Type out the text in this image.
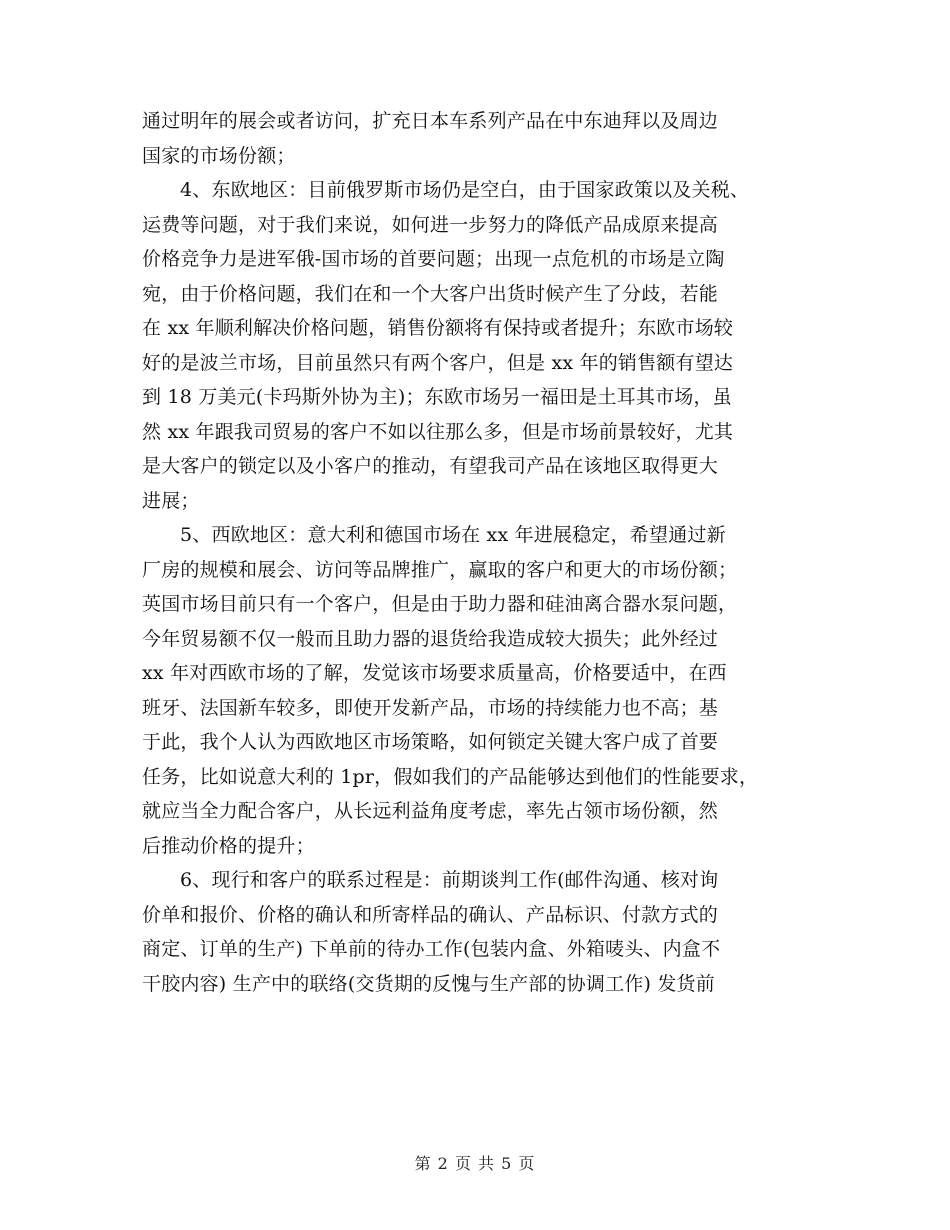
通过明年的展会或者访问，扩充日本车系列产品在中东迪拜以及周边
国家的市场份额；
4、东欧地区：目前俄罗斯市场仍是空白，由于国家政策以及关税、
运费等问题，对于我们来说，如何进一步努力的降低产品成原来提高
价格竞争力是进军俄-国市场的首要问题；出现一点危机的市场是立陶
宛，由于价格问题，我们在和一个大客户出货时候产生了分歧，若能
在 xx 年顺利解决价格问题，销售份额将有保持或者提升；东欧市场较
好的是波兰市场，目前虽然只有两个客户，但是 xx 年的销售额有望达
到 18 万美元(卡玛斯外协为主)；东欧市场另一福田是土耳其市场，虽
然 xx 年跟我司贸易的客户不如以往那么多，但是市场前景较好，尤其
是大客户的锁定以及小客户的推动，有望我司产品在该地区取得更大
进展；
5、西欧地区：意大利和德国市场在 xx 年进展稳定，希望通过新
厂房的规模和展会、访问等品牌推广，赢取的客户和更大的市场份额；
英国市场目前只有一个客户，但是由于助力器和硅油离合器水泵问题，
今年贸易额不仅一般而且助力器的退货给我造成较大损失；此外经过
xx 年对西欧市场的了解，发觉该市场要求质量高，价格要适中，在西
班牙、法国新车较多，即使开发新产品，市场的持续能力也不高；基
于此，我个人认为西欧地区市场策略，如何锁定关键大客户成了首要
任务，比如说意大利的 1pr，假如我们的产品能够达到他们的性能要求，
就应当全力配合客户，从长远利益角度考虑，率先占领市场份额，然
后推动价格的提升；
6、现行和客户的联系过程是：前期谈判工作(邮件沟通、核对询
价单和报价、价格的确认和所寄样品的确认、产品标识、付款方式的
商定、订单的生产) 下单前的待办工作(包装内盒、外箱唛头、内盒不
干胶内容) 生产中的联络(交货期的反愧与生产部的协调工作) 发货前
第 2 页 共 5 页
